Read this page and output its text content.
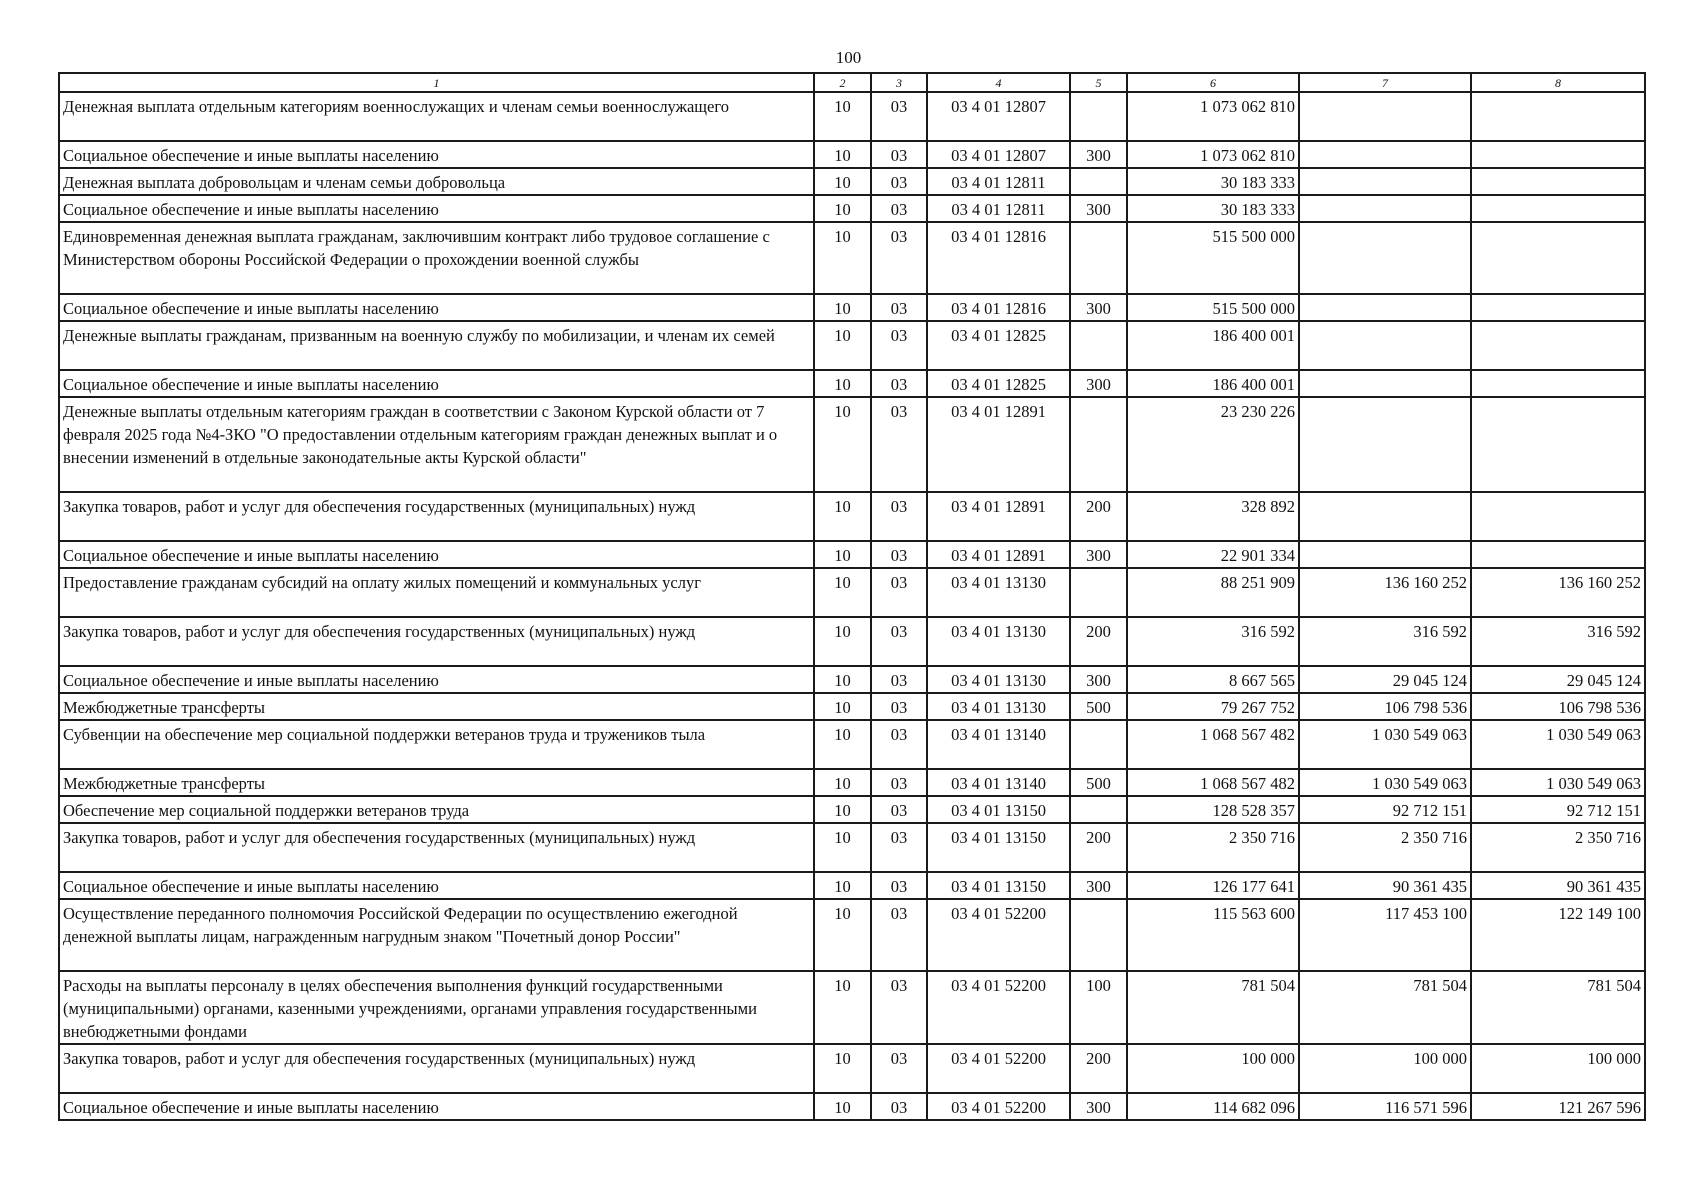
100
1	2	3	4	5	6	7	8
Денежная выплата отдельным категориям военнослужащих и членам семьи военнослужащего	10	03	03 4 01 12807		1 073 062 810		
Социальное обеспечение и иные выплаты населению	10	03	03 4 01 12807	300	1 073 062 810		
Денежная выплата добровольцам и членам семьи добровольца	10	03	03 4 01 12811		30 183 333		
Социальное обеспечение и иные выплаты населению	10	03	03 4 01 12811	300	30 183 333		
Единовременная денежная выплата гражданам, заключившим контракт либо трудовое соглашение с Министерством обороны Российской Федерации о прохождении военной службы	10	03	03 4 01 12816		515 500 000		
Социальное обеспечение и иные выплаты населению	10	03	03 4 01 12816	300	515 500 000		
Денежные выплаты гражданам, призванным на военную службу по мобилизации, и членам их семей	10	03	03 4 01 12825		186 400 001		
Социальное обеспечение и иные выплаты населению	10	03	03 4 01 12825	300	186 400 001		
Денежные выплаты отдельным категориям граждан в соответствии с Законом Курской области от 7 февраля 2025 года №4-ЗКО "О предоставлении отдельным категориям граждан денежных выплат и о внесении изменений в отдельные законодательные акты Курской области"	10	03	03 4 01 12891		23 230 226		
Закупка товаров, работ и услуг для обеспечения государственных (муниципальных) нужд	10	03	03 4 01 12891	200	328 892		
Социальное обеспечение и иные выплаты населению	10	03	03 4 01 12891	300	22 901 334		
Предоставление гражданам субсидий на оплату жилых помещений и коммунальных услуг	10	03	03 4 01 13130		88 251 909	136 160 252	136 160 252
Закупка товаров, работ и услуг для обеспечения государственных (муниципальных) нужд	10	03	03 4 01 13130	200	316 592	316 592	316 592
Социальное обеспечение и иные выплаты населению	10	03	03 4 01 13130	300	8 667 565	29 045 124	29 045 124
Межбюджетные трансферты	10	03	03 4 01 13130	500	79 267 752	106 798 536	106 798 536
Субвенции на обеспечение мер социальной поддержки ветеранов труда и тружеников тыла	10	03	03 4 01 13140		1 068 567 482	1 030 549 063	1 030 549 063
Межбюджетные трансферты	10	03	03 4 01 13140	500	1 068 567 482	1 030 549 063	1 030 549 063
Обеспечение мер социальной поддержки ветеранов труда	10	03	03 4 01 13150		128 528 357	92 712 151	92 712 151
Закупка товаров, работ и услуг для обеспечения государственных (муниципальных) нужд	10	03	03 4 01 13150	200	2 350 716	2 350 716	2 350 716
Социальное обеспечение и иные выплаты населению	10	03	03 4 01 13150	300	126 177 641	90 361 435	90 361 435
Осуществление переданного полномочия Российской Федерации по осуществлению ежегодной денежной выплаты лицам, награжденным нагрудным знаком "Почетный донор России"	10	03	03 4 01 52200		115 563 600	117 453 100	122 149 100
Расходы на выплаты персоналу в целях обеспечения выполнения функций государственными (муниципальными) органами, казенными учреждениями, органами управления государственными внебюджетными фондами	10	03	03 4 01 52200	100	781 504	781 504	781 504
Закупка товаров, работ и услуг для обеспечения государственных (муниципальных) нужд	10	03	03 4 01 52200	200	100 000	100 000	100 000
Социальное обеспечение и иные выплаты населению	10	03	03 4 01 52200	300	114 682 096	116 571 596	121 267 596
